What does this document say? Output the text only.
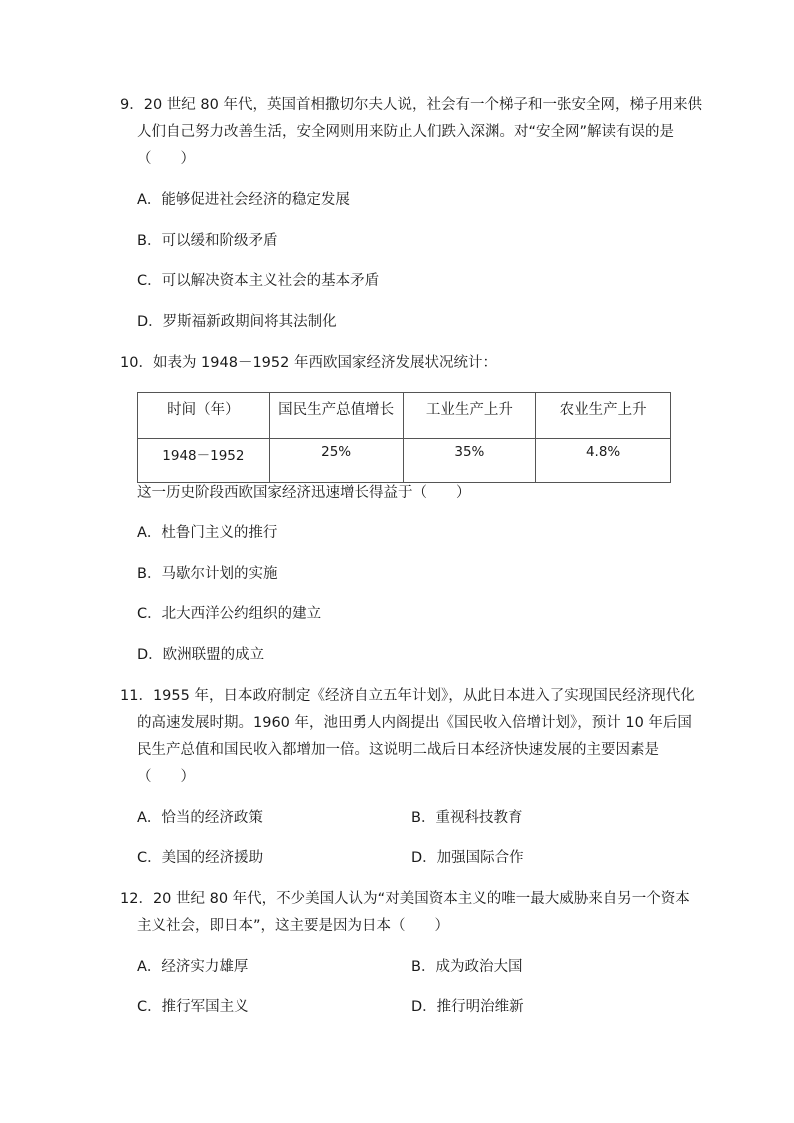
9．20 世纪 80 年代，英国首相撒切尔夫人说，社会有一个梯子和一张安全网，梯子用来供
人们自己努力改善生活，安全网则用来防止人们跌入深渊。对“安全网”解读有误的是
（　　）
A．能够促进社会经济的稳定发展
B．可以缓和阶级矛盾
C．可以解决资本主义社会的基本矛盾
D．罗斯福新政期间将其法制化
10．如表为 1948－1952 年西欧国家经济发展状况统计：
时间（年）	国民生产总值增长	工业生产上升	农业生产上升
1948－1952	25%	35%	4.8%
这一历史阶段西欧国家经济迅速增长得益于（　　）
A．杜鲁门主义的推行
B．马歇尔计划的实施
C．北大西洋公约组织的建立
D．欧洲联盟的成立
11．1955 年，日本政府制定《经济自立五年计划》，从此日本进入了实现国民经济现代化
的高速发展时期。1960 年，池田勇人内阁提出《国民收入倍增计划》，预计 10 年后国
民生产总值和国民收入都增加一倍。这说明二战后日本经济快速发展的主要因素是
（　　）
A．恰当的经济政策	B．重视科技教育
C．美国的经济援助	D．加强国际合作
12．20 世纪 80 年代，不少美国人认为“对美国资本主义的唯一最大威胁来自另一个资本
主义社会，即日本”，这主要是因为日本（　　）
A．经济实力雄厚	B．成为政治大国
C．推行军国主义	D．推行明治维新
